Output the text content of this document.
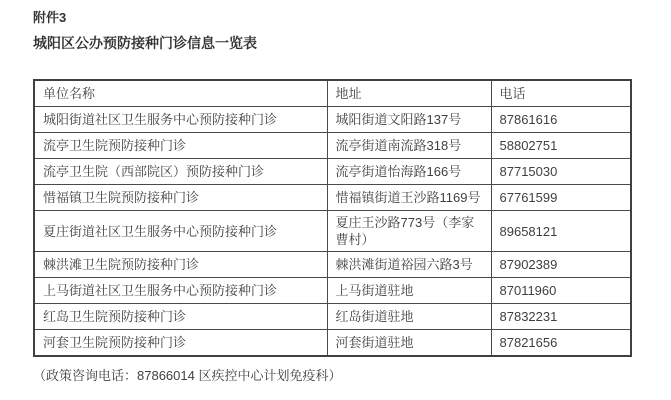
附件3
城阳区公办预防接种门诊信息一览表
单位名称	地址	电话
城阳街道社区卫生服务中心预防接种门诊	城阳街道文阳路137号	87861616
流亭卫生院预防接种门诊	流亭街道南流路318号	58802751
流亭卫生院（西部院区）预防接种门诊	流亭街道怡海路166号	87715030
惜福镇卫生院预防接种门诊	惜福镇街道王沙路1169号	67761599
夏庄街道社区卫生服务中心预防接种门诊	夏庄王沙路773号（李家曹村）	89658121
棘洪滩卫生院预防接种门诊	棘洪滩街道裕园六路3号	87902389
上马街道社区卫生服务中心预防接种门诊	上马街道驻地	87011960
红岛卫生院预防接种门诊	红岛街道驻地	87832231
河套卫生院预防接种门诊	河套街道驻地	87821656
（政策咨询电话：87866014 区疾控中心计划免疫科）
